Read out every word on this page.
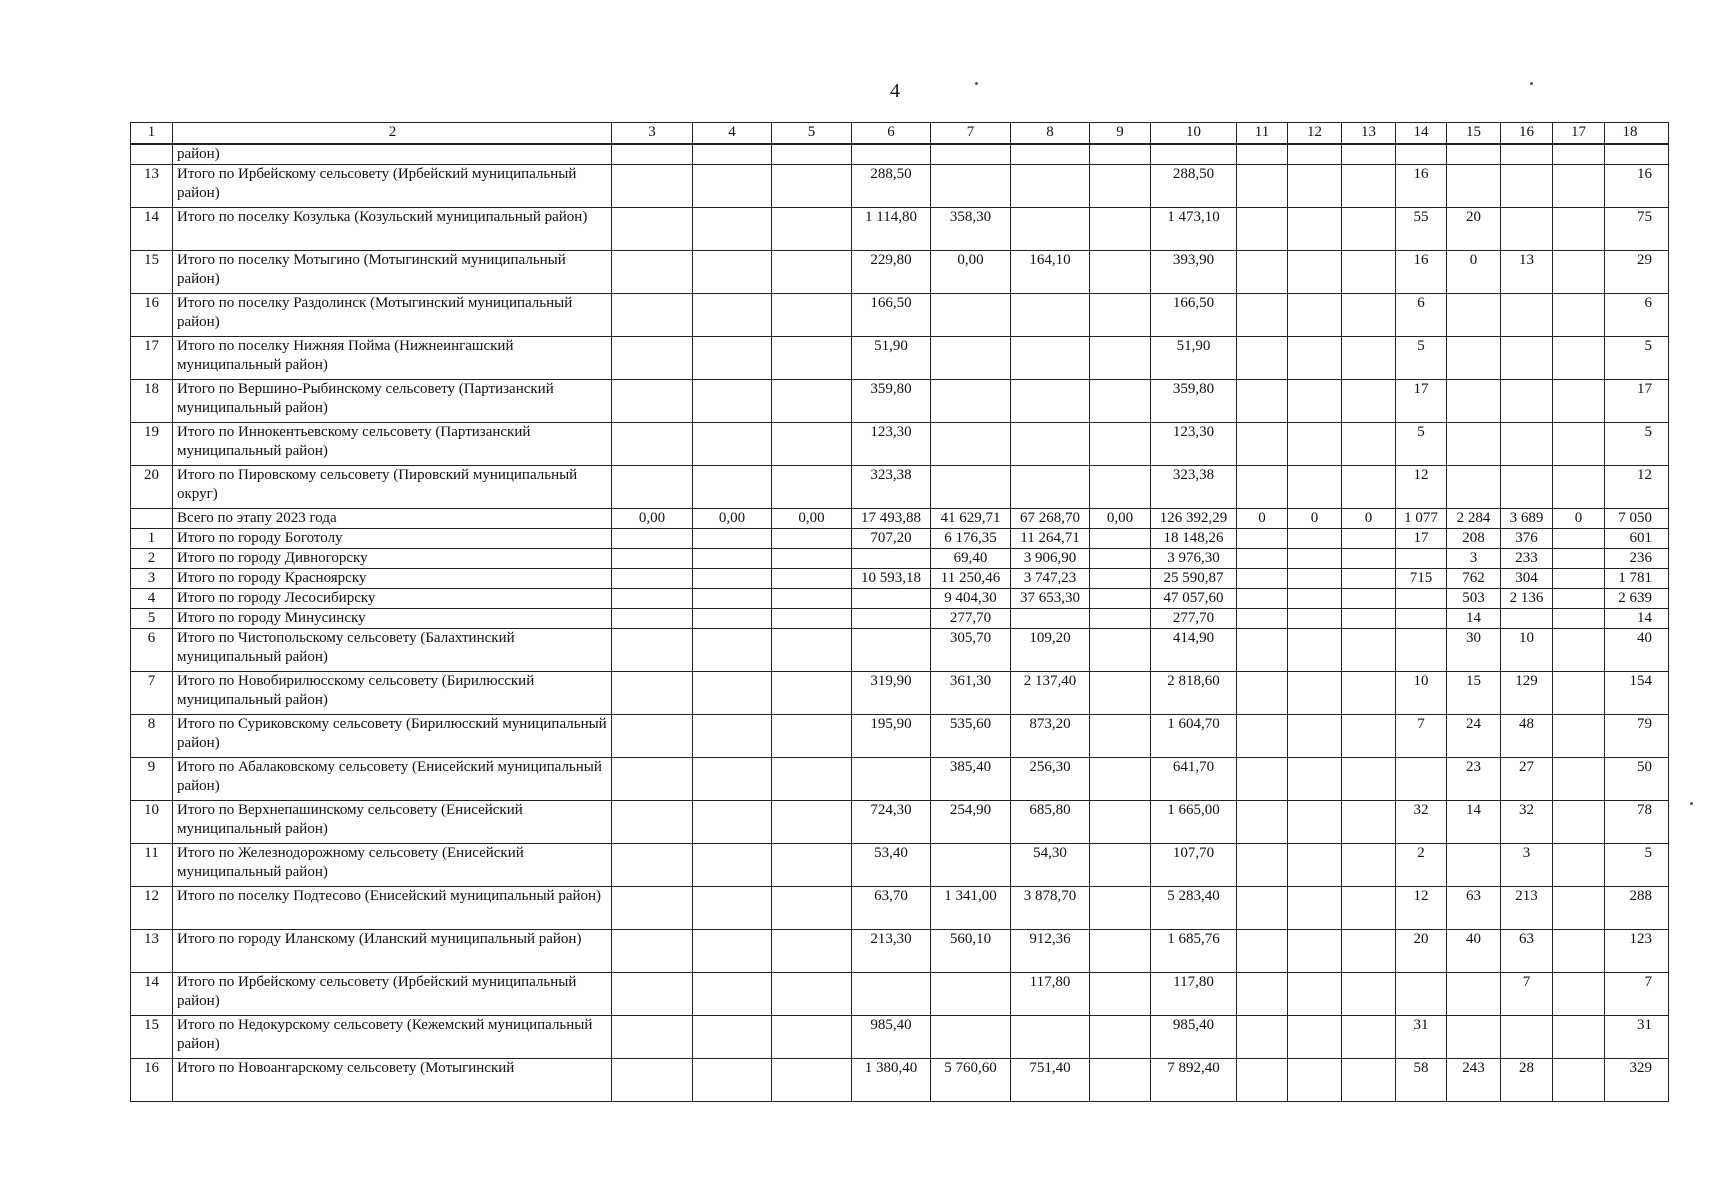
4
1	2	3	4	5	6	7	8	9	10	11	12	13	14	15	16	17	18
	район)																
13	Итого по Ирбейскому сельсовету (Ирбейский муниципальный район)				288,50				288,50				16				16
14	Итого по поселку Козулька (Козульский муниципальный район)				1 114,80	358,30			1 473,10				55	20			75
15	Итого по поселку Мотыгино (Мотыгинский муниципальный район)				229,80	0,00	164,10		393,90				16	0	13		29
16	Итого по поселку Раздолинск (Мотыгинский муниципальный район)				166,50				166,50				6				6
17	Итого по поселку Нижняя Пойма (Нижнеингашский муниципальный район)				51,90				51,90				5				5
18	Итого по Вершино-Рыбинскому сельсовету (Партизанский муниципальный район)				359,80				359,80				17				17
19	Итого по Иннокентьевскому сельсовету (Партизанский муниципальный район)				123,30				123,30				5				5
20	Итого по Пировскому сельсовету (Пировский муниципальный округ)				323,38				323,38				12				12
	Всего по этапу 2023 года	0,00	0,00	0,00	17 493,88	41 629,71	67 268,70	0,00	126 392,29	0	0	0	1 077	2 284	3 689	0	7 050
1	Итого по городу Боготолу				707,20	6 176,35	11 264,71		18 148,26				17	208	376		601
2	Итого по городу Дивногорску					69,40	3 906,90		3 976,30					3	233		236
3	Итого по городу Красноярску				10 593,18	11 250,46	3 747,23		25 590,87				715	762	304		1 781
4	Итого по городу Лесосибирску					9 404,30	37 653,30		47 057,60					503	2 136		2 639
5	Итого по городу Минусинску					277,70			277,70					14			14
6	Итого по Чистопольскому сельсовету (Балахтинский муниципальный район)					305,70	109,20		414,90					30	10		40
7	Итого по Новобирилюсскому сельсовету (Бирилюсский муниципальный район)				319,90	361,30	2 137,40		2 818,60				10	15	129		154
8	Итого по Суриковскому сельсовету (Бирилюсский муниципальный район)				195,90	535,60	873,20		1 604,70				7	24	48		79
9	Итого по Абалаковскому сельсовету (Енисейский муниципальный район)					385,40	256,30		641,70					23	27		50
10	Итого по Верхнепашинскому сельсовету (Енисейский муниципальный район)				724,30	254,90	685,80		1 665,00				32	14	32		78
11	Итого по Железнодорожному сельсовету (Енисейский муниципальный район)				53,40		54,30		107,70				2		3		5
12	Итого по поселку Подтесово (Енисейский муниципальный район)				63,70	1 341,00	3 878,70		5 283,40				12	63	213		288
13	Итого по городу Иланскому (Иланский муниципальный район)				213,30	560,10	912,36		1 685,76				20	40	63		123
14	Итого по Ирбейскому сельсовету (Ирбейский муниципальный район)						117,80		117,80						7		7
15	Итого по Недокурскому сельсовету (Кежемский муниципальный район)				985,40				985,40				31				31
16	Итого по Новоангарскому сельсовету (Мотыгинский				1 380,40	5 760,60	751,40		7 892,40				58	243	28		329
